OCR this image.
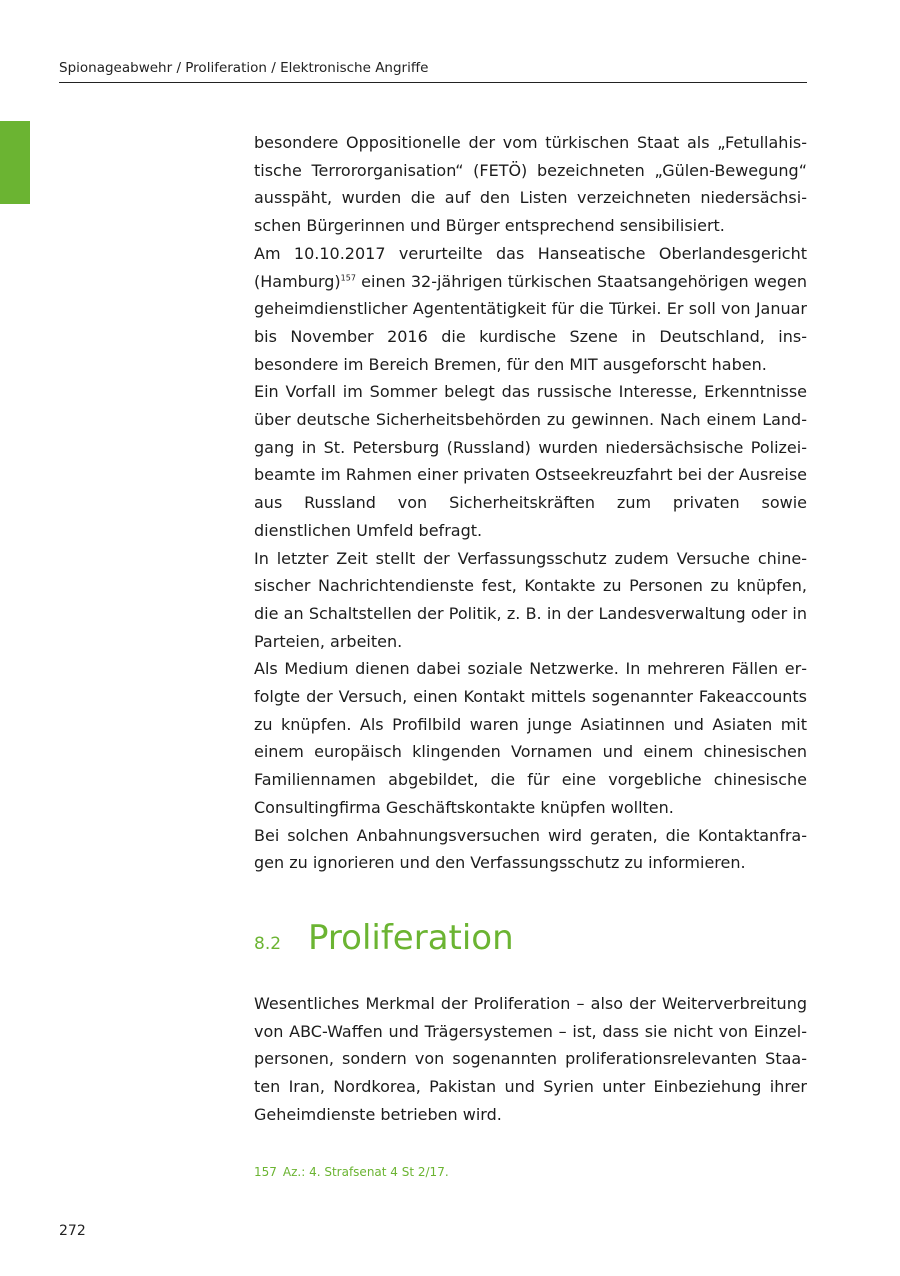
Spionageabwehr / Proliferation / Elektronische Angriffe

besondere Oppositionelle der vom türkischen Staat als „Fetullahistische Terrororganisation“ (FETÖ) bezeichneten „Gülen-Bewegung“ ausspäht, wurden die auf den Listen verzeichneten niedersächsischen Bürgerinnen und Bürger entsprechend sensibilisiert.

Am 10.10.2017 verurteilte das Hanseatische Oberlandesgericht (Hamburg)$^{157}$ einen 32-jährigen türkischen Staatsangehörigen wegen geheimdienstlicher Agententätigkeit für die Türkei. Er soll von Januar bis November 2016 die kurdische Szene in Deutschland, insbesondere im Bereich Bremen, für den MIT ausgeforscht haben.

Ein Vorfall im Sommer belegt das russische Interesse, Erkenntnisse über deutsche Sicherheitsbehörden zu gewinnen. Nach einem Landgang in St. Petersburg (Russland) wurden niedersächsische Polizeibeamte im Rahmen einer privaten Ostseekreuzfahrt bei der Ausreise aus Russland von Sicherheitskräften zum privaten sowie dienstlichen Umfeld befragt.

In letzter Zeit stellt der Verfassungsschutz zudem Versuche chinesischer Nachrichtendienste fest, Kontakte zu Personen zu knüpfen, die an Schaltstellen der Politik, z. B. in der Landesverwaltung oder in Parteien, arbeiten.

Als Medium dienen dabei soziale Netzwerke. In mehreren Fällen erfolgte der Versuch, einen Kontakt mittels sogenannter Fakeaccounts zu knüpfen. Als Profilbild waren junge Asiatinnen und Asiaten mit einem europäisch klingenden Vornamen und einem chinesischen Familiennamen abgebildet, die für eine vorgebliche chinesische Consultingfirma Geschäftskontakte knüpfen wollten.

Bei solchen Anbahnungsversuchen wird geraten, die Kontaktanfragen zu ignorieren und den Verfassungsschutz zu informieren.

8.2 Proliferation

Wesentliches Merkmal der Proliferation – also der Weiterverbreitung von ABC-Waffen und Trägersystemen – ist, dass sie nicht von Einzelpersonen, sondern von sogenannten proliferationsrelevanten Staaten Iran, Nordkorea, Pakistan und Syrien unter Einbeziehung ihrer Geheimdienste betrieben wird.

157 Az.: 4. Strafsenat 4 St 2/17.
272
